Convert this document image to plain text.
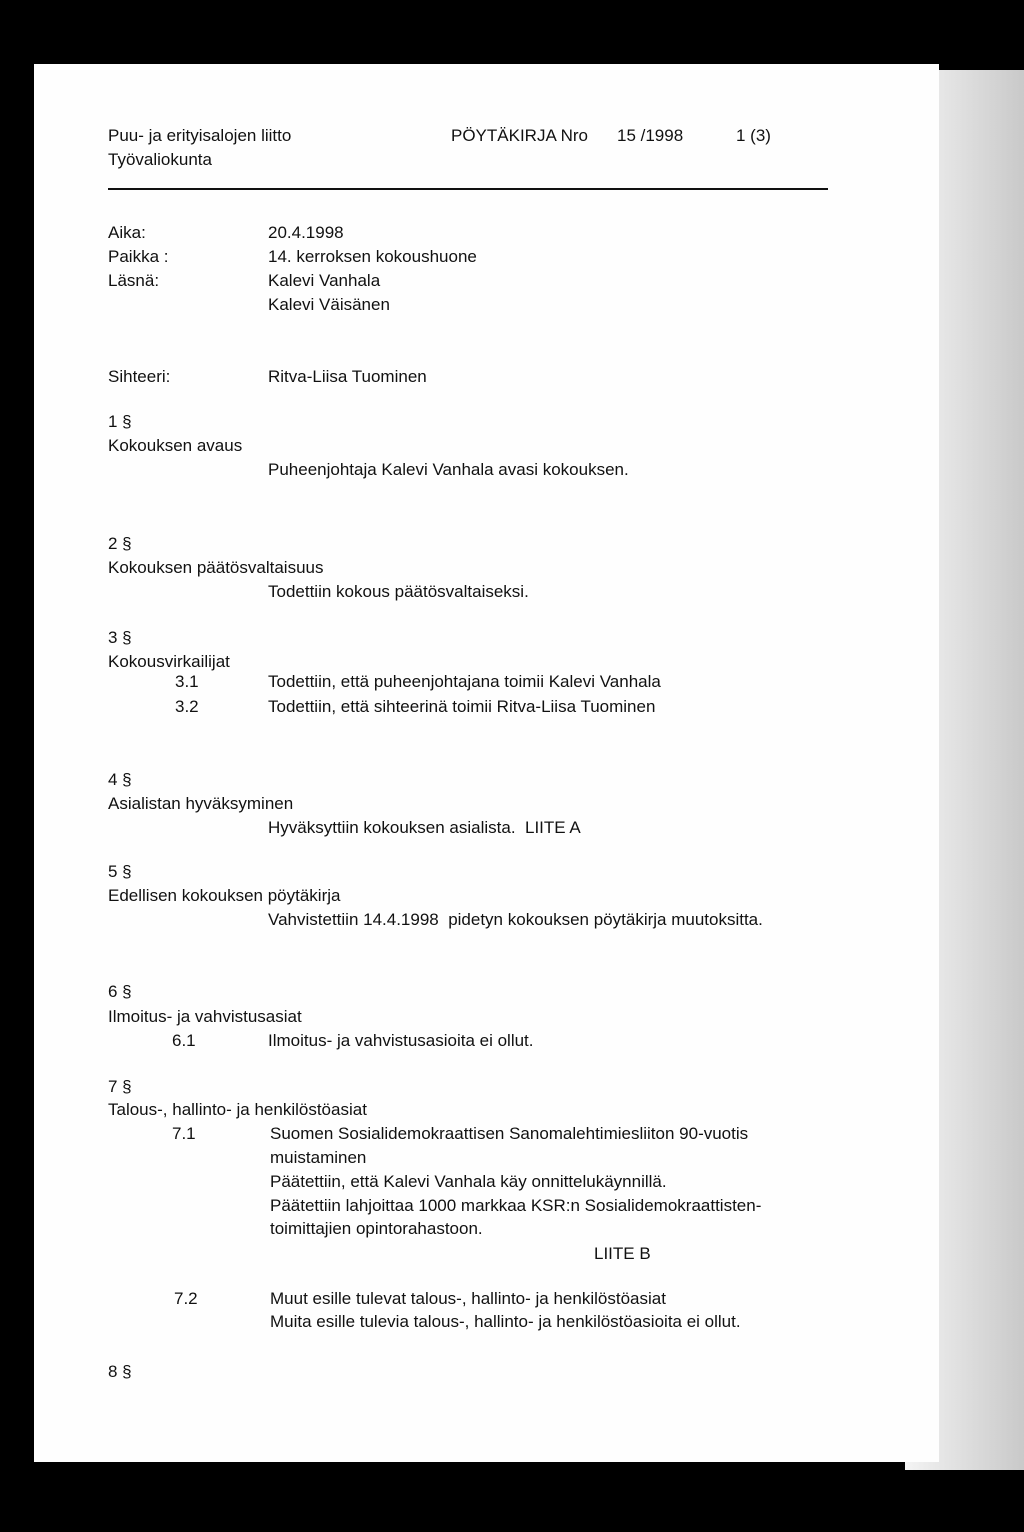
Puu- ja erityisalojen liitto
Työvaliokunta
PÖYTÄKIRJA Nro 15 /1998	1 (3)
Aika:	20.4.1998
Paikka :	14. kerroksen kokoushuone
Läsnä:	Kalevi Vanhala
Kalevi Väisänen
Sihteeri:	Ritva-Liisa Tuominen
1 §
Kokouksen avaus
Puheenjohtaja Kalevi Vanhala avasi kokouksen.
2 §
Kokouksen päätösvaltaisuus
Todettiin kokous päätösvaltaiseksi.
3 §
Kokousvirkailijat
3.1	Todettiin, että puheenjohtajana toimii Kalevi Vanhala
3.2	Todettiin, että sihteerinä toimii Ritva-Liisa Tuominen
4 §
Asialistan hyväksyminen
Hyväksyttiin kokouksen asialista.  LIITE A
5 §
Edellisen kokouksen pöytäkirja
Vahvistettiin 14.4.1998  pidetyn kokouksen pöytäkirja muutoksitta.
6 §
Ilmoitus- ja vahvistusasiat
6.1	Ilmoitus- ja vahvistusasioita ei ollut.
7 §
Talous-, hallinto- ja henkilöstöasiat
7.1	Suomen Sosialidemokraattisen Sanomalehtimiesliiton 90-vuotis
muistaminen
Päätettiin, että Kalevi Vanhala käy onnittelukäynnillä.
Päätettiin lahjoittaa 1000 markkaa KSR:n Sosialidemokraattisten-
toimittajien opintorahastoon.
LIITE B
7.2	Muut esille tulevat talous-, hallinto- ja henkilöstöasiat
Muita esille tulevia talous-, hallinto- ja henkilöstöasioita ei ollut.
8 §
